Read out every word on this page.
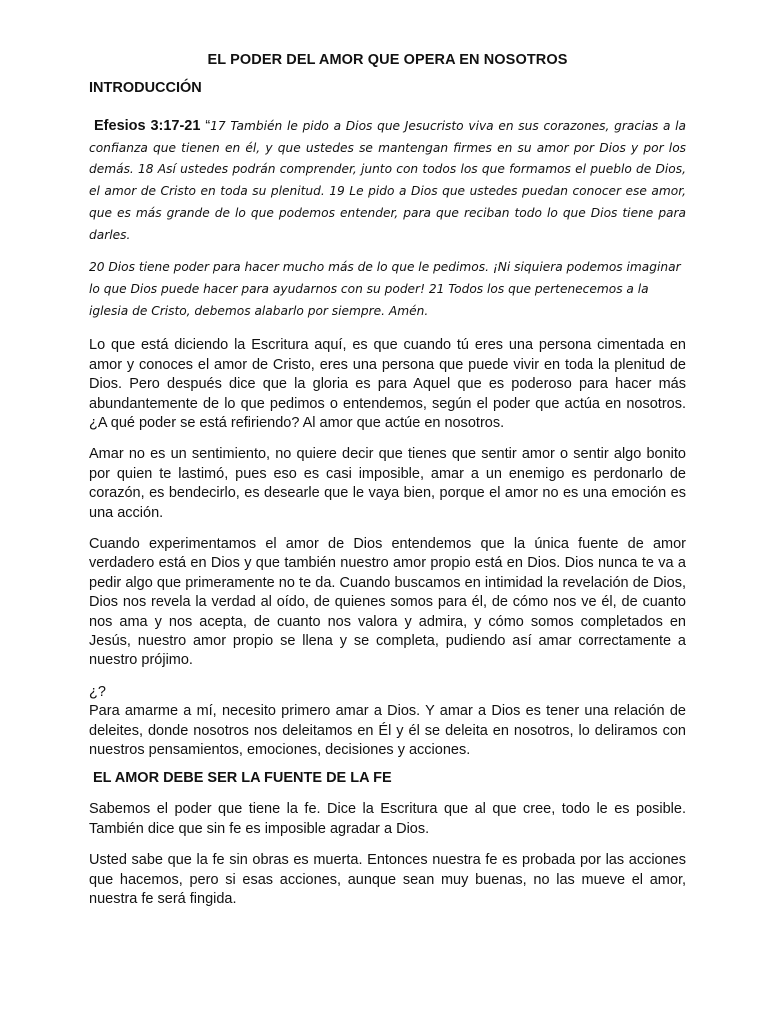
EL PODER DEL AMOR QUE OPERA EN NOSOTROS
INTRODUCCIÓN

Efesios 3:17-21 “17 También le pido a Dios que Jesucristo viva en sus corazones, gracias a la confianza que tienen en él, y que ustedes se mantengan firmes en su amor por Dios y por los demás. 18 Así ustedes podrán comprender, junto con todos los que formamos el pueblo de Dios, el amor de Cristo en toda su plenitud. 19 Le pido a Dios que ustedes puedan conocer ese amor, que es más grande de lo que podemos entender, para que reciban todo lo que Dios tiene para darles.

20 Dios tiene poder para hacer mucho más de lo que le pedimos. ¡Ni siquiera podemos imaginar lo que Dios puede hacer para ayudarnos con su poder! 21 Todos los que pertenecemos a la iglesia de Cristo, debemos alabarlo por siempre. Amén.

Lo que está diciendo la Escritura aquí, es que cuando tú eres una persona cimentada en amor y conoces el amor de Cristo, eres una persona que puede vivir en toda la plenitud de Dios. Pero después dice que la gloria es para Aquel que es poderoso para hacer más abundantemente de lo que pedimos o entendemos, según el poder que actúa en nosotros. ¿A qué poder se está refiriendo? Al amor que actúe en nosotros.

Amar no es un sentimiento, no quiere decir que tienes que sentir amor o sentir algo bonito por quien te lastimó, pues eso es casi imposible, amar a un enemigo es perdonarlo de corazón, es bendecirlo, es desearle que le vaya bien, porque el amor no es una emoción es una acción.

Cuando experimentamos el amor de Dios entendemos que la única fuente de amor verdadero está en Dios y que también nuestro amor propio está en Dios. Dios nunca te va a pedir algo que primeramente no te da. Cuando buscamos en intimidad la revelación de Dios, Dios nos revela la verdad al oído, de quienes somos para él, de cómo nos ve él, de cuanto nos ama y nos acepta, de cuanto nos valora y admira, y cómo somos completados en Jesús, nuestro amor propio se llena y se completa, pudiendo así amar correctamente a nuestro prójimo.

¿?

Para amarme a mí, necesito primero amar a Dios. Y amar a Dios es tener una relación de deleites, donde nosotros nos deleitamos en Él y él se deleita en nosotros, lo deliramos con nuestros pensamientos, emociones, decisiones y acciones.

EL AMOR DEBE SER LA FUENTE DE LA FE

Sabemos el poder que tiene la fe. Dice la Escritura que al que cree, todo le es posible. También dice que sin fe es imposible agradar a Dios.

Usted sabe que la fe sin obras es muerta. Entonces nuestra fe es probada por las acciones que hacemos, pero si esas acciones, aunque sean muy buenas, no las mueve el amor, nuestra fe será fingida.
